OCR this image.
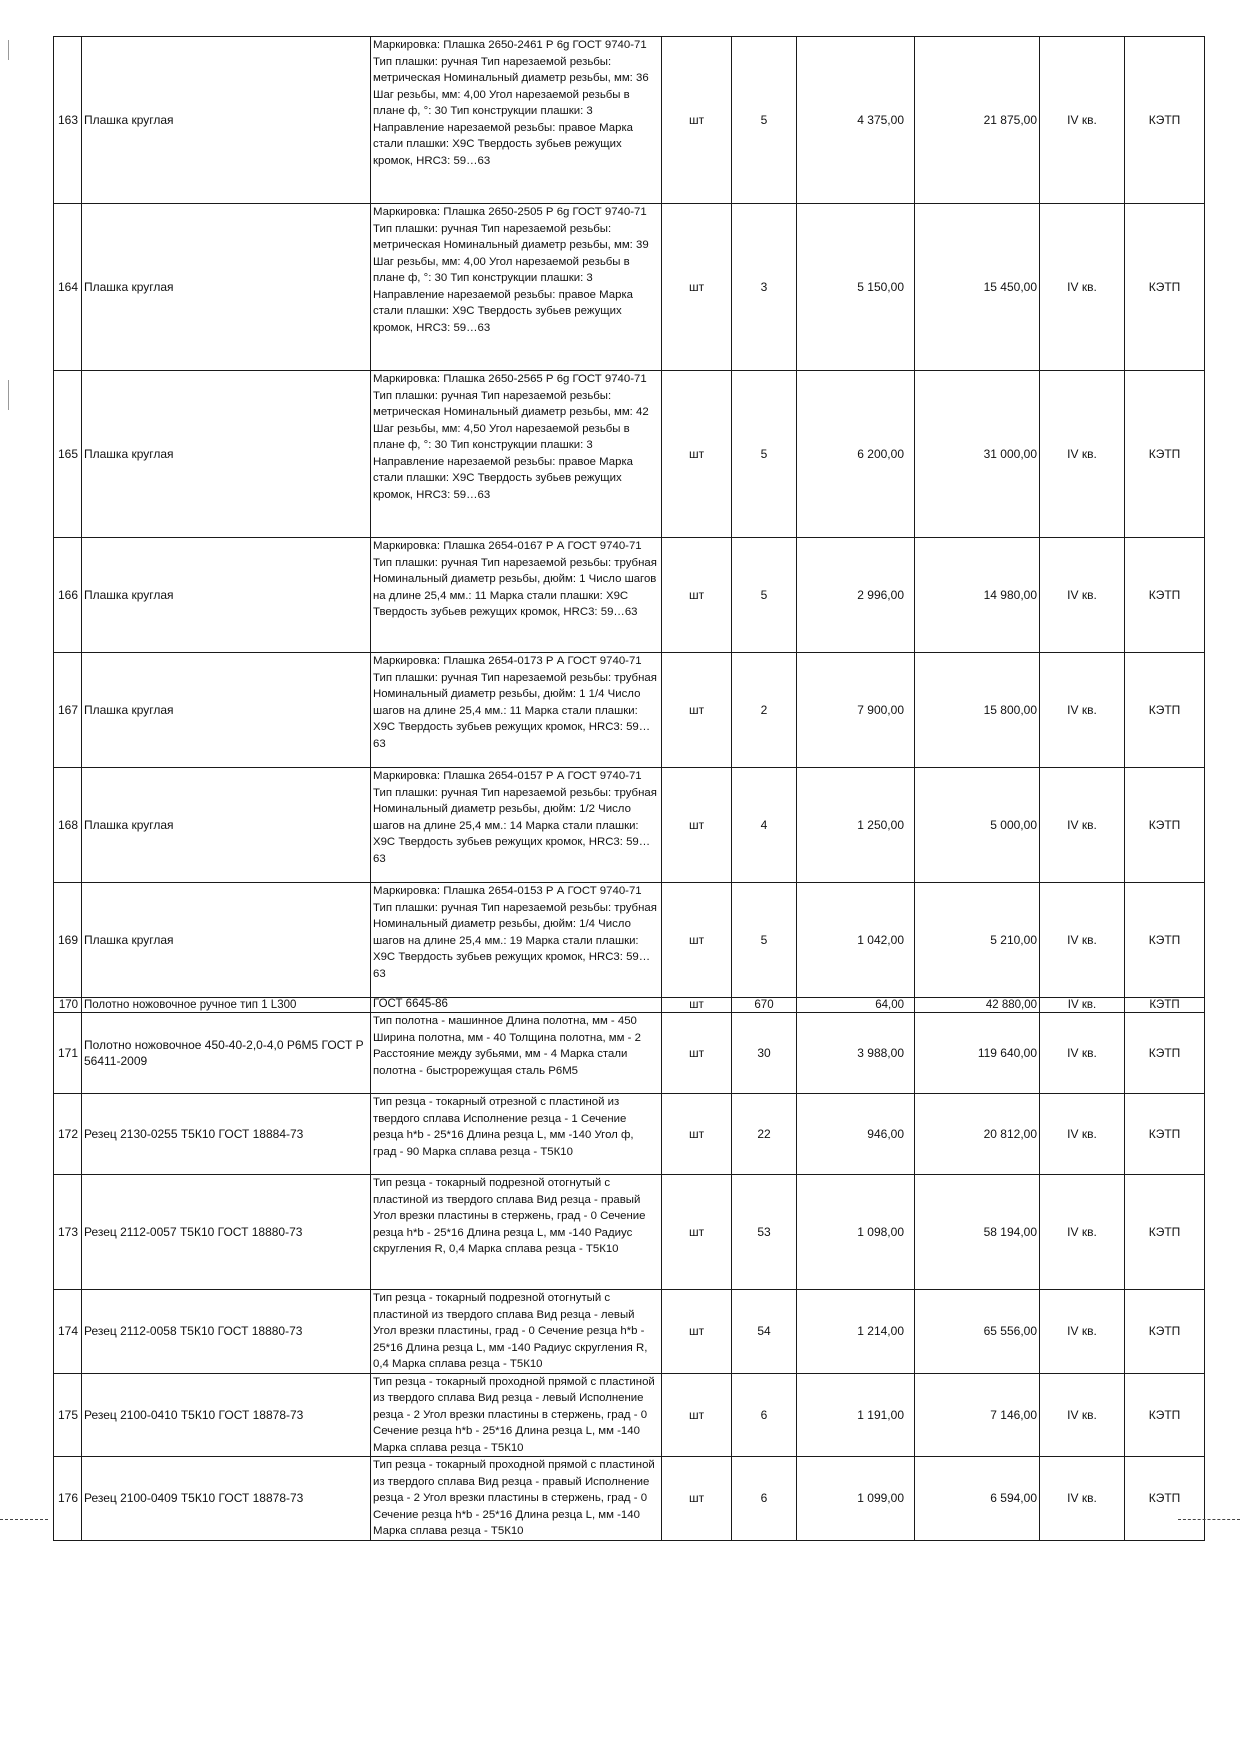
163	Плашка круглая	Маркировка: Плашка 2650-2461 Р 6g ГОСТ 9740-71 Тип плашки: ручная Тип нарезаемой резьбы: метрическая Номинальный диаметр резьбы, мм: 36 Шаг резьбы, мм: 4,00 Угол нарезаемой резьбы в плане ф, °: 30 Тип конструкции плашки: 3 Направление нарезаемой резьбы: правое Марка стали плашки: Х9С Твердость зубьев режущих кромок, HRC3: 59…63	шт	5	4 375,00	21 875,00	IV кв.	КЭТП
164	Плашка круглая	Маркировка: Плашка 2650-2505 Р 6g ГОСТ 9740-71 Тип плашки: ручная Тип нарезаемой резьбы: метрическая Номинальный диаметр резьбы, мм: 39 Шаг резьбы, мм: 4,00 Угол нарезаемой резьбы в плане ф, °: 30 Тип конструкции плашки: 3 Направление нарезаемой резьбы: правое Марка стали плашки: Х9С Твердость зубьев режущих кромок, HRC3: 59…63	шт	3	5 150,00	15 450,00	IV кв.	КЭТП
165	Плашка круглая	Маркировка: Плашка 2650-2565 Р 6g ГОСТ 9740-71 Тип плашки: ручная Тип нарезаемой резьбы: метрическая Номинальный диаметр резьбы, мм: 42 Шаг резьбы, мм: 4,50 Угол нарезаемой резьбы в плане ф, °: 30 Тип конструкции плашки: 3 Направление нарезаемой резьбы: правое Марка стали плашки: Х9С Твердость зубьев режущих кромок, HRC3: 59…63	шт	5	6 200,00	31 000,00	IV кв.	КЭТП
166	Плашка круглая	Маркировка: Плашка 2654-0167 Р А ГОСТ 9740-71 Тип плашки: ручная Тип нарезаемой резьбы: трубная Номинальный диаметр резьбы, дюйм: 1 Число шагов на длине 25,4 мм.: 11 Марка стали плашки: Х9С Твердость зубьев режущих кромок, HRC3: 59…63	шт	5	2 996,00	14 980,00	IV кв.	КЭТП
167	Плашка круглая	Маркировка: Плашка 2654-0173 Р А ГОСТ 9740-71 Тип плашки: ручная Тип нарезаемой резьбы: трубная Номинальный диаметр резьбы, дюйм: 1 1/4 Число шагов на длине 25,4 мм.: 11 Марка стали плашки: Х9С Твердость зубьев режущих кромок, HRC3: 59…63	шт	2	7 900,00	15 800,00	IV кв.	КЭТП
168	Плашка круглая	Маркировка: Плашка 2654-0157 Р А ГОСТ 9740-71 Тип плашки: ручная Тип нарезаемой резьбы: трубная Номинальный диаметр резьбы, дюйм: 1/2 Число шагов на длине 25,4 мм.: 14 Марка стали плашки: Х9С Твердость зубьев режущих кромок, HRC3: 59…63	шт	4	1 250,00	5 000,00	IV кв.	КЭТП
169	Плашка круглая	Маркировка: Плашка 2654-0153 Р А ГОСТ 9740-71 Тип плашки: ручная Тип нарезаемой резьбы: трубная Номинальный диаметр резьбы, дюйм: 1/4 Число шагов на длине 25,4 мм.: 19 Марка стали плашки: Х9С Твердость зубьев режущих кромок, HRC3: 59…63	шт	5	1 042,00	5 210,00	IV кв.	КЭТП
170	Полотно ножовочное ручное тип 1 L300	ГОСТ 6645-86	шт	670	64,00	42 880,00	IV кв.	КЭТП
171	Полотно ножовочное 450-40-2,0-4,0 Р6М5 ГОСТ Р 56411-2009	Тип полотна - машинное Длина полотна, мм - 450 Ширина полотна, мм - 40 Толщина полотна, мм - 2 Расстояние между зубьями, мм - 4 Марка стали полотна - быстрорежущая сталь Р6М5	шт	30	3 988,00	119 640,00	IV кв.	КЭТП
172	Резец 2130-0255 Т5К10 ГОСТ 18884-73	Тип резца - токарный отрезной с пластиной из твердого сплава Исполнение резца - 1 Сечение резца h*b - 25*16 Длина резца L, мм -140 Угол ф, град - 90 Марка сплава резца - Т5К10	шт	22	946,00	20 812,00	IV кв.	КЭТП
173	Резец 2112-0057 Т5К10 ГОСТ 18880-73	Тип резца - токарный подрезной отогнутый с пластиной из твердого сплава Вид резца - правый Угол врезки пластины в стержень, град - 0 Сечение резца h*b - 25*16 Длина резца L, мм -140 Радиус скругления R, 0,4 Марка сплава резца - Т5К10	шт	53	1 098,00	58 194,00	IV кв.	КЭТП
174	Резец 2112-0058 Т5К10 ГОСТ 18880-73	Тип резца - токарный подрезной отогнутый с пластиной из твердого сплава Вид резца - левый Угол врезки пластины, град - 0 Сечение резца h*b - 25*16 Длина резца L, мм -140 Радиус скругления R, 0,4 Марка сплава резца - Т5К10	шт	54	1 214,00	65 556,00	IV кв.	КЭТП
175	Резец 2100-0410 Т5К10 ГОСТ 18878-73	Тип резца - токарный проходной прямой с пластиной из твердого сплава Вид резца - левый Исполнение резца - 2 Угол врезки пластины в стержень, град - 0 Сечение резца h*b - 25*16 Длина резца L, мм -140 Марка сплава резца - Т5К10	шт	6	1 191,00	7 146,00	IV кв.	КЭТП
176	Резец 2100-0409 Т5К10 ГОСТ 18878-73	Тип резца - токарный проходной прямой с пластиной из твердого сплава Вид резца - правый Исполнение резца - 2 Угол врезки пластины в стержень, град - 0 Сечение резца h*b - 25*16 Длина резца L, мм -140 Марка сплава резца - Т5К10	шт	6	1 099,00	6 594,00	IV кв.	КЭТП
